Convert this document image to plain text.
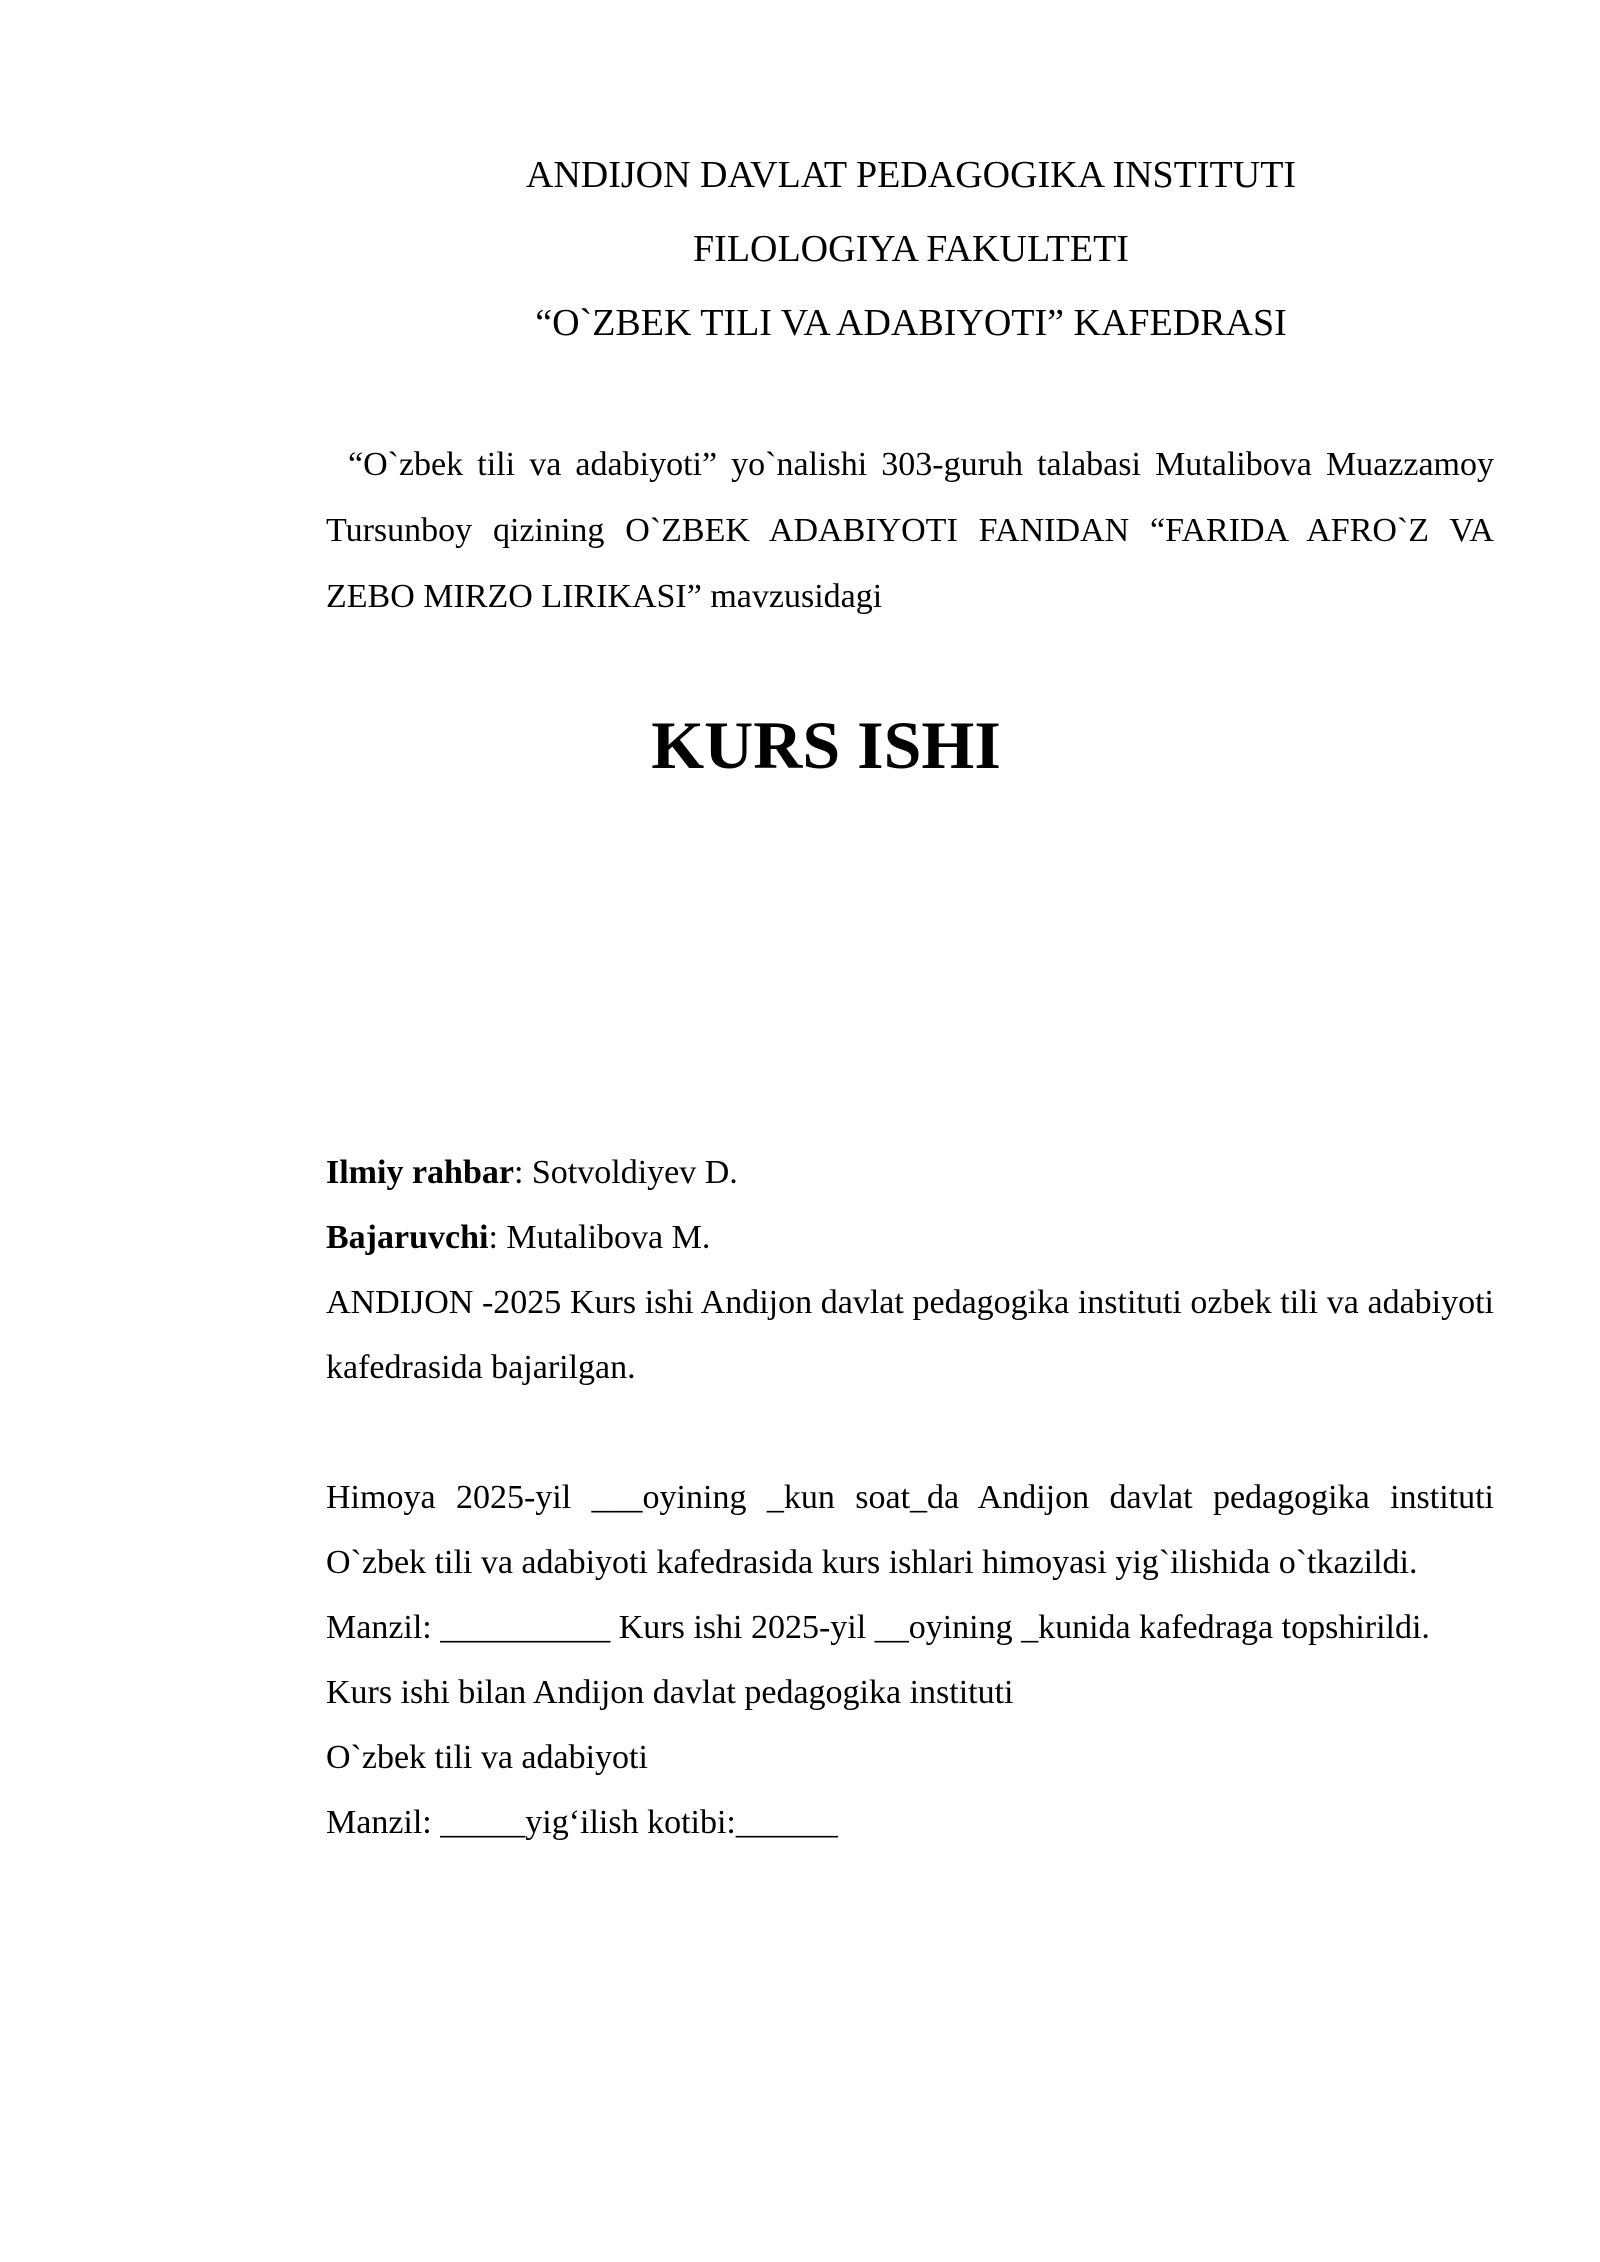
ANDIJON DAVLAT PEDAGOGIKA INSTITUTI
FILOLOGIYA FAKULTETI
“O`ZBEK TILI VA ADABIYOTI” KAFEDRASI
“O`zbek tili va adabiyoti” yo`nalishi 303-guruh talabasi Mutalibova Muazzamoy Tursunboy qizining O`ZBEK ADABIYOTI FANIDAN “FARIDA AFRO`Z VA ZEBO MIRZO LIRIKASI” mavzusidagi
KURS ISHI

Ilmiy rahbar: Sotvoldiyev D.

Bajaruvchi: Mutalibova M.

ANDIJON -2025 Kurs ishi Andijon davlat pedagogika instituti ozbek tili va adabiyoti kafedrasida bajarilgan.

Himoya 2025-yil ___oyining _kun soat_da Andijon davlat pedagogika instituti O`zbek tili va adabiyoti kafedrasida kurs ishlari himoyasi yig`ilishida o`tkazildi.

Manzil: __________ Kurs ishi 2025-yil __oyining _kunida kafedraga topshirildi.

Kurs ishi bilan Andijon davlat pedagogika instituti

O`zbek tili va adabiyoti

Manzil: _____yig‘ilish kotibi:______
